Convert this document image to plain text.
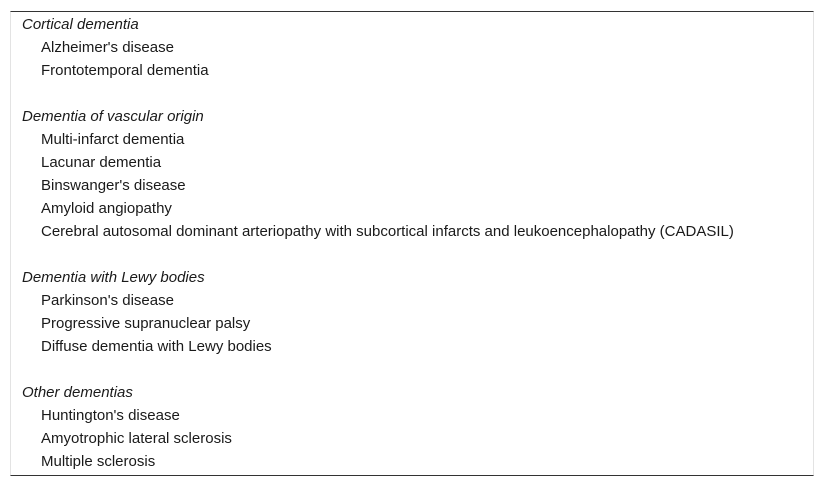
Cortical dementia
Alzheimer's disease
Frontotemporal dementia
Dementia of vascular origin
Multi-infarct dementia
Lacunar dementia
Binswanger's disease
Amyloid angiopathy
Cerebral autosomal dominant arteriopathy with subcortical infarcts and leukoencephalopathy (CADASIL)
Dementia with Lewy bodies
Parkinson's disease
Progressive supranuclear palsy
Diffuse dementia with Lewy bodies
Other dementias
Huntington's disease
Amyotrophic lateral sclerosis
Multiple sclerosis
